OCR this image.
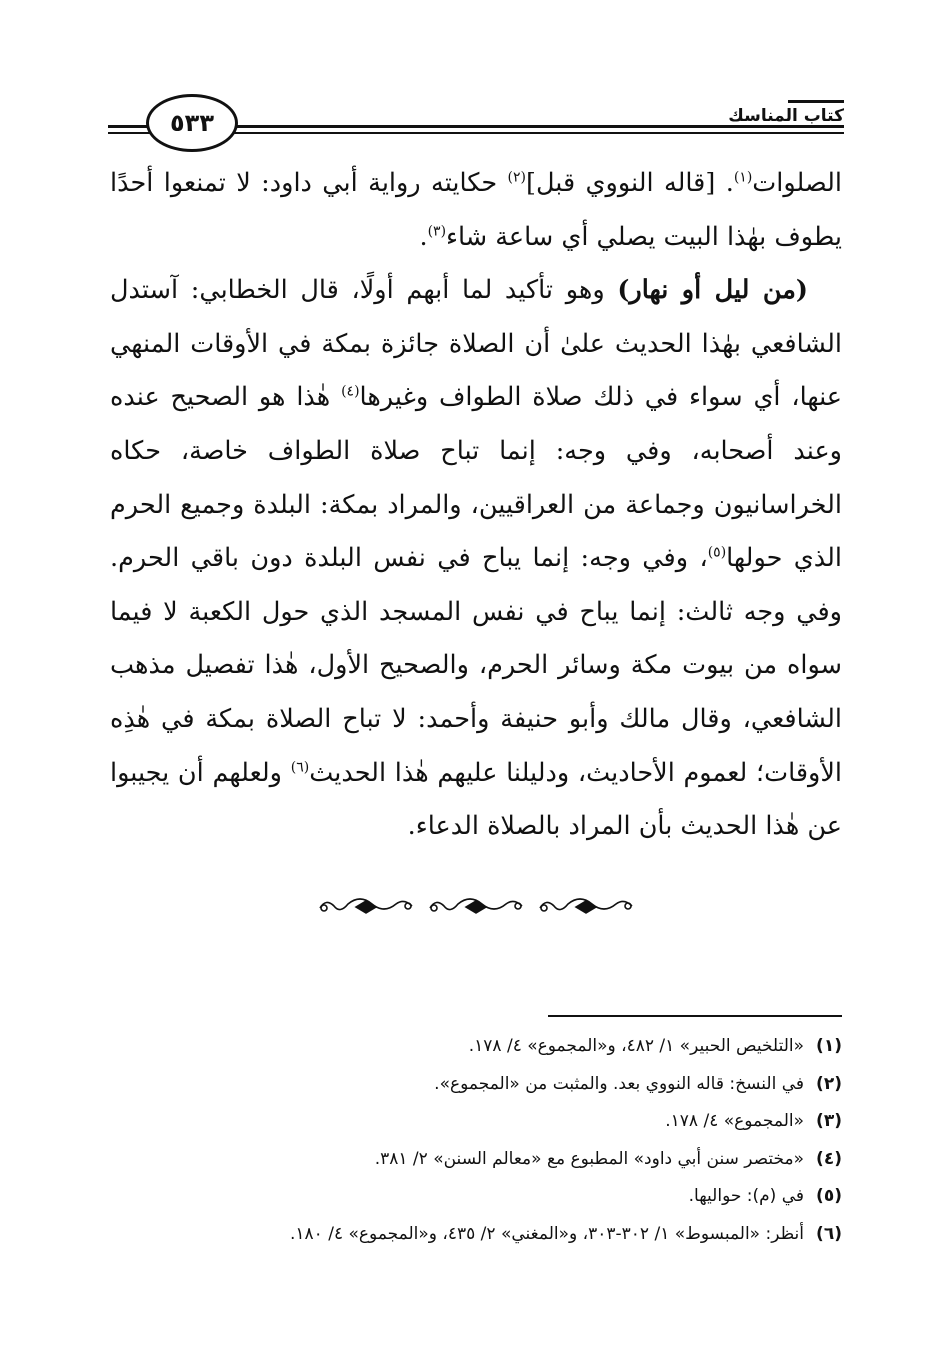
كتاب المناسك
٥٣٣

الصلوات$^{(١)}$. [قاله النووي قبل]$^{(٢)}$ حكايته رواية أبي داود: لا تمنعوا أحدًا يطوف بهٰذا البيت يصلي أي ساعة شاء$^{(٣)}$.

(من ليل أو نهار) وهو تأكيد لما أبهم أولًا، قال الخطابي: آستدل الشافعي بهٰذا الحديث علىٰ أن الصلاة جائزة بمكة في الأوقات المنهي عنها، أي سواء في ذلك صلاة الطواف وغيرها$^{(٤)}$ هٰذا هو الصحيح عنده وعند أصحابه، وفي وجه: إنما تباح صلاة الطواف خاصة، حكاه الخراسانيون وجماعة من العراقيين، والمراد بمكة: البلدة وجميع الحرم الذي حولها$^{(٥)}$، وفي وجه: إنما يباح في نفس البلدة دون باقي الحرم. وفي وجه ثالث: إنما يباح في نفس المسجد الذي حول الكعبة لا فيما سواه من بيوت مكة وسائر الحرم، والصحيح الأول، هٰذا تفصيل مذهب الشافعي، وقال مالك وأبو حنيفة وأحمد: لا تباح الصلاة بمكة في هٰذِه الأوقات؛ لعموم الأحاديث، ودليلنا عليهم هٰذا الحديث$^{(٦)}$ ولعلهم أن يجيبوا عن هٰذا الحديث بأن المراد بالصلاة الدعاء.

(١)«التلخيص الحبير» ١/ ٤٨٢، و«المجموع» ٤/ ١٧٨.
(٢)في النسخ: قاله النووي بعد. والمثبت من «المجموع».
(٣)«المجموع» ٤/ ١٧٨.
(٤)«مختصر سنن أبي داود» المطبوع مع «معالم السنن» ٢/ ٣٨١.
(٥)في (م): حواليها.
(٦)أنظر: «المبسوط» ١/ ٣٠٢-٣٠٣، و«المغني» ٢/ ٤٣٥، و«المجموع» ٤/ ١٨٠.
